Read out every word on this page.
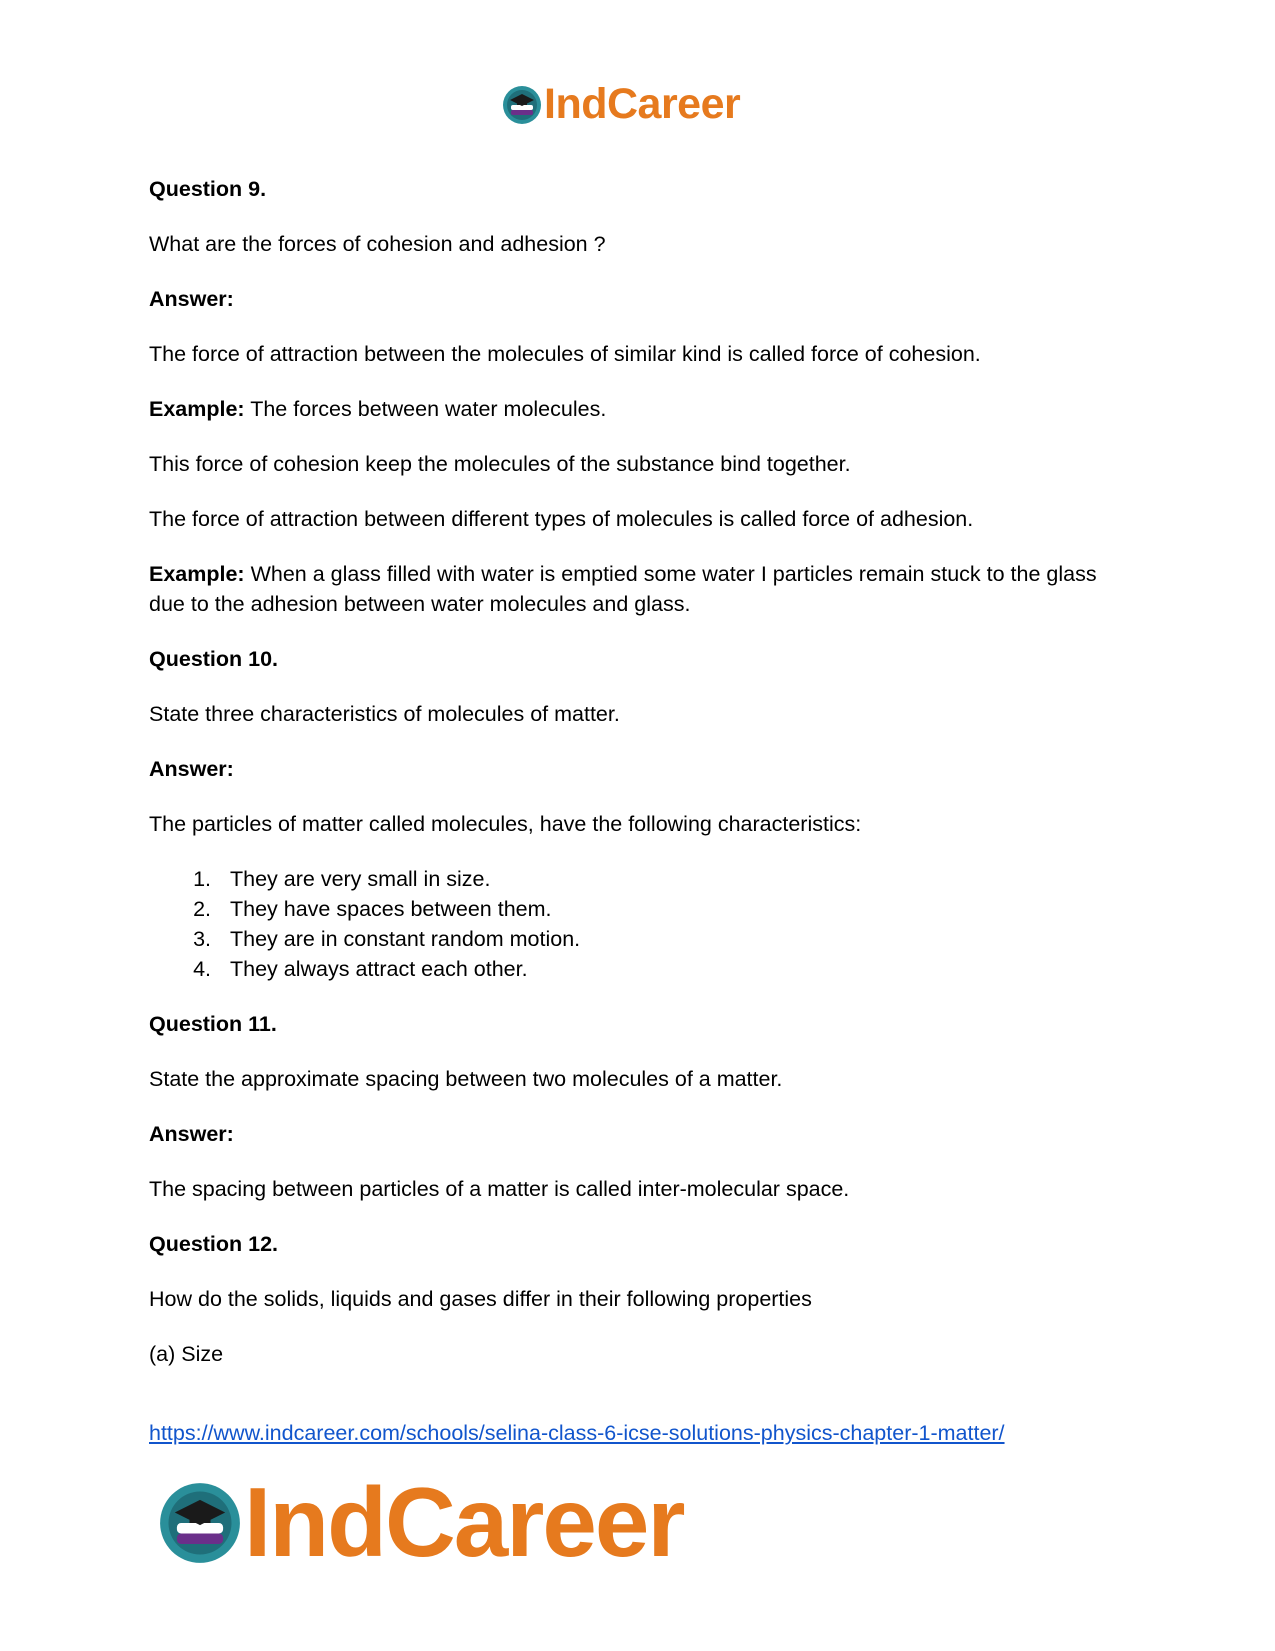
IndCareer

Question 9.

What are the forces of cohesion and adhesion ?

Answer:

The force of attraction between the molecules of similar kind is called force of cohesion.

Example: The forces between water molecules.

This force of cohesion keep the molecules of the substance bind together.

The force of attraction between different types of molecules is called force of adhesion.

Example: When a glass filled with water is emptied some water I particles remain stuck to the glass due to the adhesion between water molecules and glass.

Question 10.

State three characteristics of molecules of matter.

Answer:

The particles of matter called molecules, have the following characteristics:

1. They are very small in size.
2. They have spaces between them.
3. They are in constant random motion.
4. They always attract each other.

Question 11.

State the approximate spacing between two molecules of a matter.

Answer:

The spacing between particles of a matter is called inter-molecular space.

Question 12.

How do the solids, liquids and gases differ in their following properties

(a) Size

https://www.indcareer.com/schools/selina-class-6-icse-solutions-physics-chapter-1-matter/
IndCareer
